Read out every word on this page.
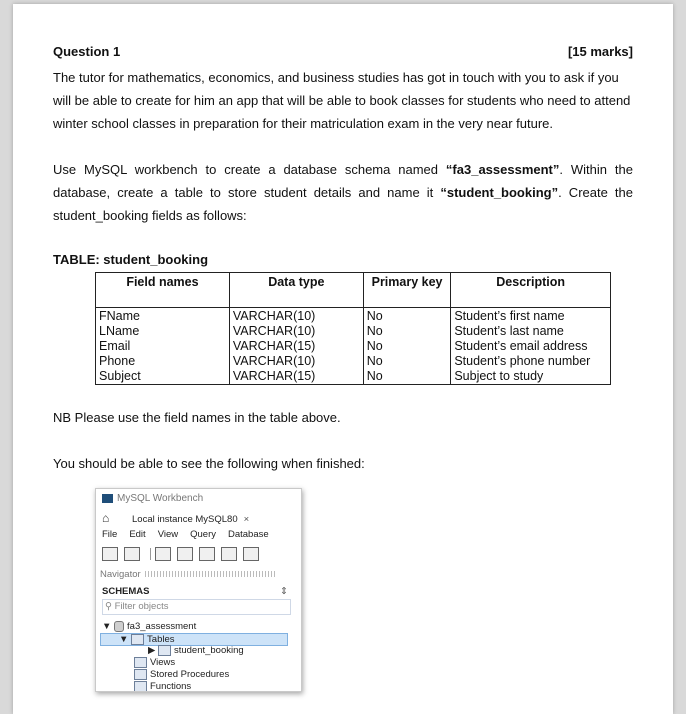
Question 1	[15 marks]
The tutor for mathematics, economics, and business studies has got in touch with you to ask if you will be able to create for him an app that will be able to book classes for students who need to attend winter school classes in preparation for their matriculation exam in the very near future.
Use MySQL workbench to create a database schema named “fa3_assessment”. Within the database, create a table to store student details and name it “student_booking”. Create the student_booking fields as follows:
TABLE: student_booking
Field names	Data type	Primary key	Description
FName	VARCHAR(10)	No	Student’s first name
LName	VARCHAR(10)	No	Student’s last name
Email	VARCHAR(15)	No	Student’s email address
Phone	VARCHAR(10)	No	Student’s phone number
Subject	VARCHAR(15)	No	Subject to study
NB Please use the field names in the table above.
You should be able to see the following when finished:
MySQL Workbench
⌂ Local instance MySQL80 ×
File Edit View Query Database
Navigator
SCHEMAS	⇕
⚲ Filter objects
▼ fa3_assessment
▼ Tables
▶ student_booking
Views
Stored Procedures
Functions
